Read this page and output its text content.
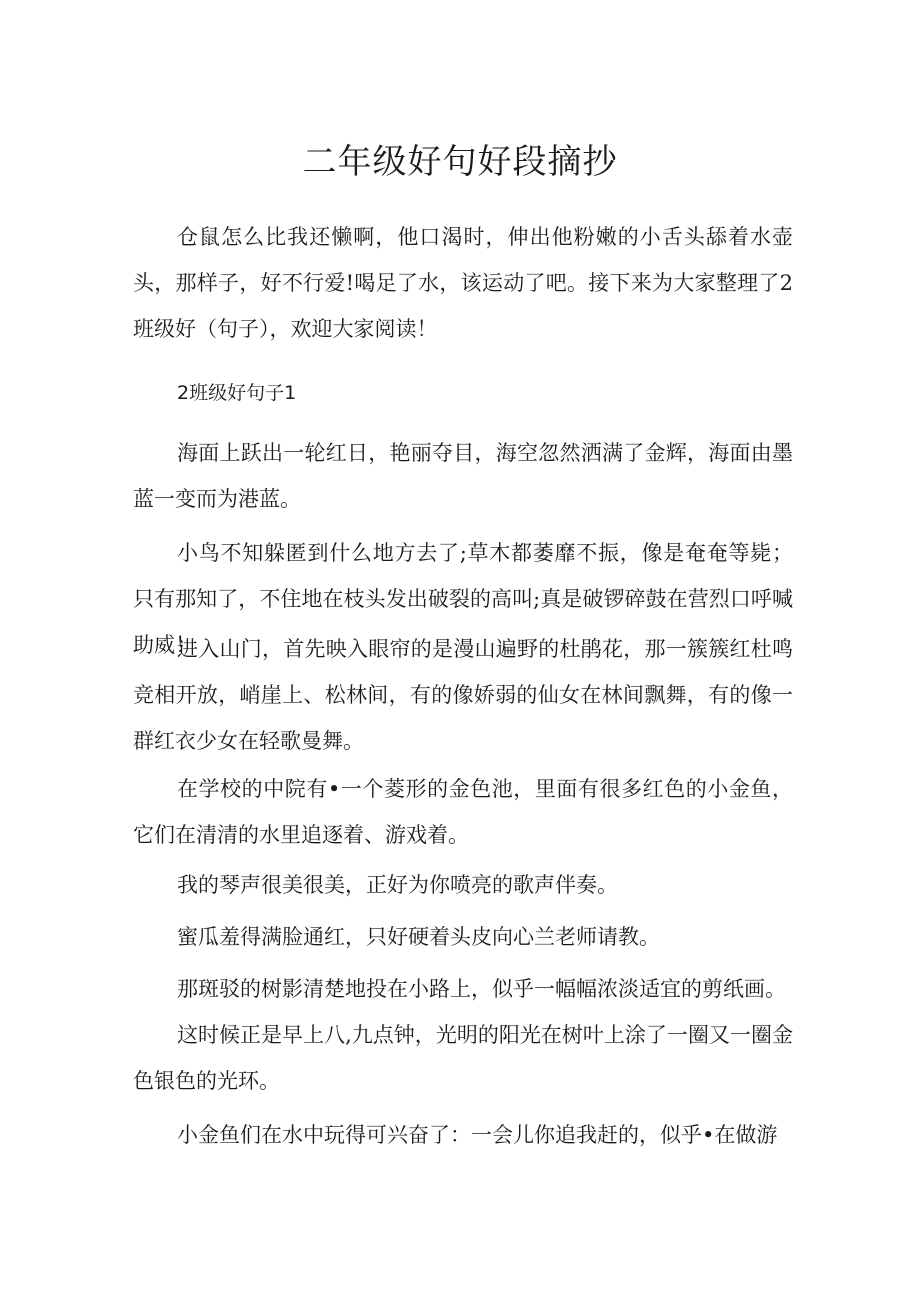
二年级好句好段摘抄

仓鼠怎么比我还懒啊，他口渴时，伸出他粉嫩的小舌头舔着水壶头，那样子，好不行爱!喝足了水，该运动了吧。接下来为大家整理了2班级好（句子），欢迎大家阅读！

2班级好句子1

海面上跃出一轮红日，艳丽夺目，海空忽然洒满了金辉，海面由墨蓝一变而为港蓝。

小鸟不知躲匿到什么地方去了;草木都萎靡不振，像是奄奄等毙；只有那知了，不住地在枝头发出破裂的高叫;真是破锣碎鼓在营烈口呼喊助威！

进入山门，首先映入眼帘的是漫山遍野的杜鹃花，那一簇簇红杜鸣竞相开放，峭崖上、松林间，有的像娇弱的仙女在林间飘舞，有的像一群红衣少女在轻歌曼舞。

在学校的中院有•一个菱形的金色池，里面有很多红色的小金鱼，它们在清清的水里追逐着、游戏着。

我的琴声很美很美，正好为你喷亮的歌声伴奏。

蜜瓜羞得满脸通红，只好硬着头皮向心兰老师请教。

那斑驳的树影清楚地投在小路上，似乎一幅幅浓淡适宜的剪纸画。

这时候正是早上八,九点钟，光明的阳光在树叶上涂了一圈又一圈金色银色的光环。

小金鱼们在水中玩得可兴奋了：一会儿你追我赶的，似乎•在做游
